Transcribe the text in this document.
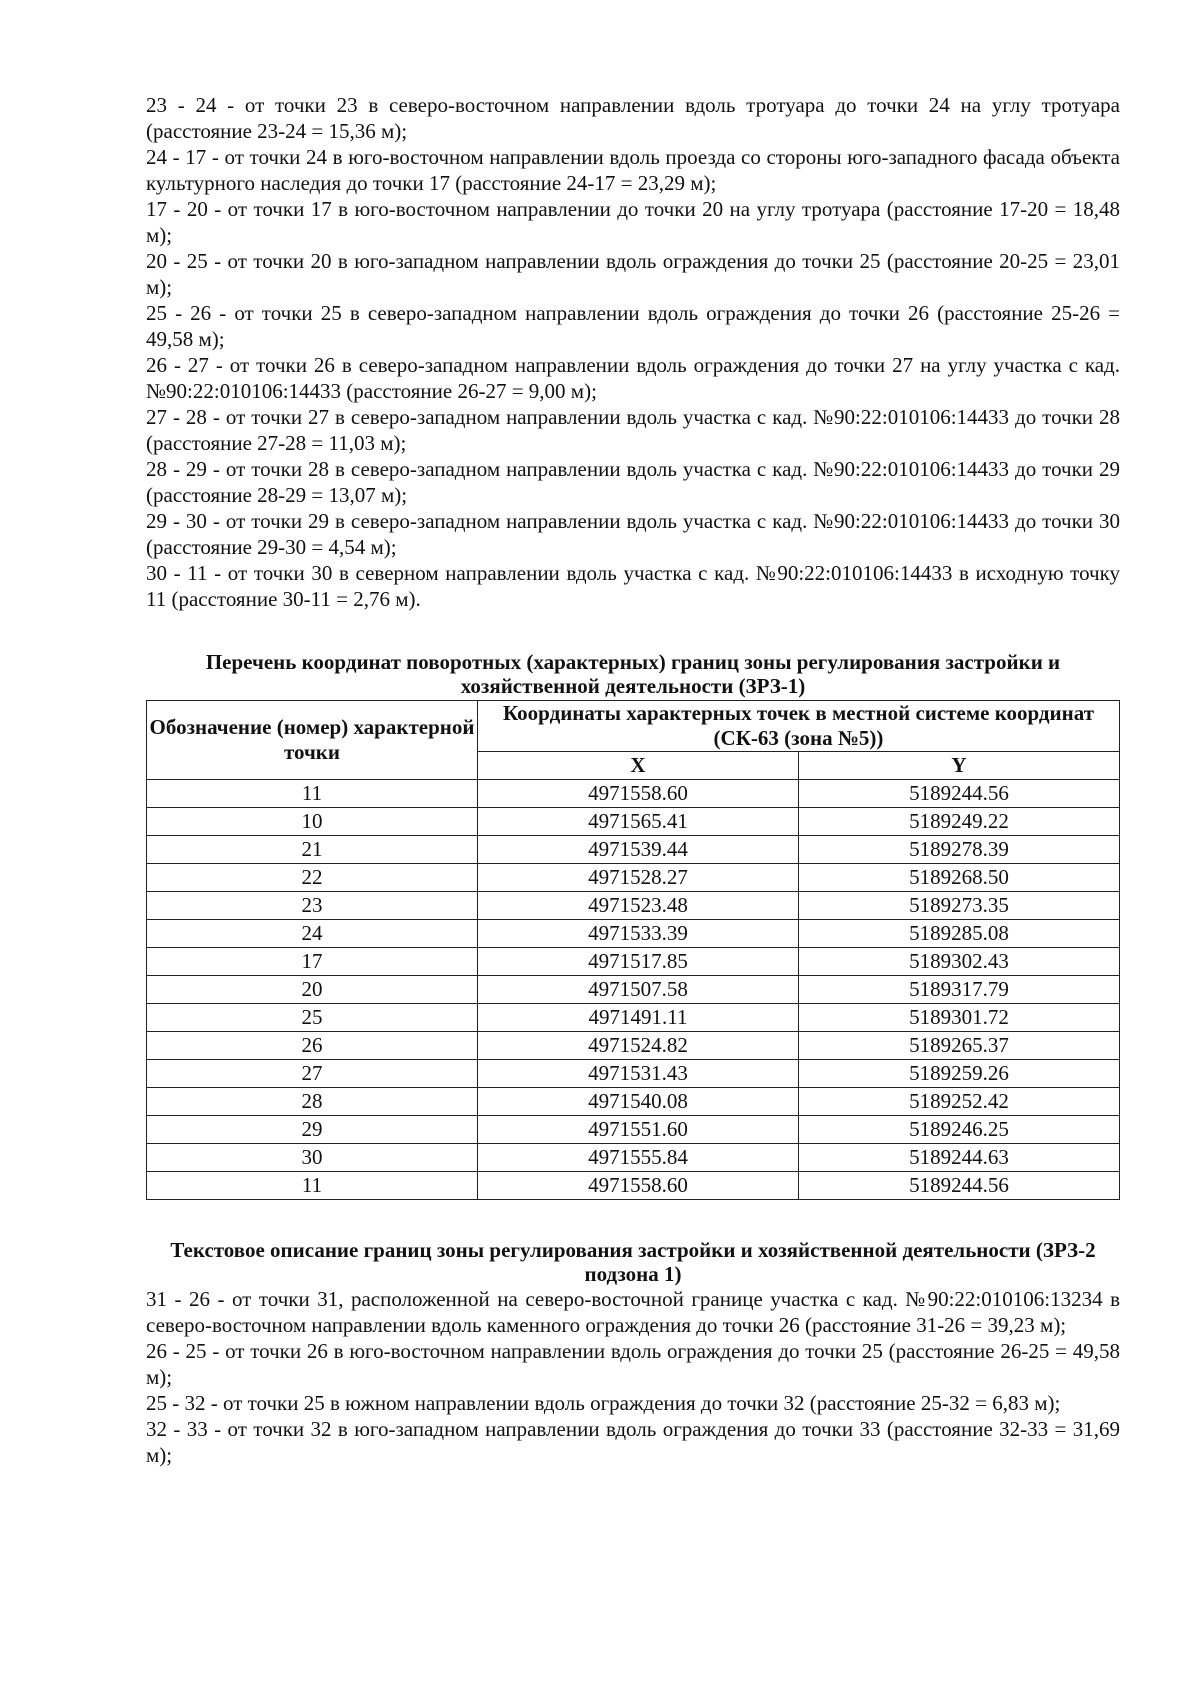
23 - 24 - от точки 23 в северо-восточном направлении вдоль тротуара до точки 24 на углу тротуара (расстояние 23-24 = 15,36 м);

24 - 17 - от точки 24 в юго-восточном направлении вдоль проезда со стороны юго-западного фасада объекта культурного наследия до точки 17 (расстояние 24-17 = 23,29 м);

17 - 20 - от точки 17 в юго-восточном направлении до точки 20 на углу тротуара (расстояние 17-20 = 18,48 м);

20 - 25 - от точки 20 в юго-западном направлении вдоль ограждения до точки 25 (расстояние 20-25 = 23,01 м);

25 - 26 - от точки 25 в северо-западном направлении вдоль ограждения до точки 26 (расстояние 25-26 = 49,58 м);

26 - 27 - от точки 26 в северо-западном направлении вдоль ограждения до точки 27 на углу участка с кад. №90:22:010106:14433 (расстояние 26-27 = 9,00 м);

27 - 28 - от точки 27 в северо-западном направлении вдоль участка с кад. №90:22:010106:14433 до точки 28 (расстояние 27-28 = 11,03 м);

28 - 29 - от точки 28 в северо-западном направлении вдоль участка с кад. №90:22:010106:14433 до точки 29 (расстояние 28-29 = 13,07 м);

29 - 30 - от точки 29 в северо-западном направлении вдоль участка с кад. №90:22:010106:14433 до точки 30 (расстояние 29-30 = 4,54 м);

30 - 11 - от точки 30 в северном направлении вдоль участка с кад. №90:22:010106:14433 в исходную точку 11 (расстояние 30-11 = 2,76 м).

Перечень координат поворотных (характерных) границ зоны регулирования застройки и хозяйственной деятельности (ЗРЗ-1)

Обозначение (номер) характерной точки	Координаты характерных точек в местной системе координат (СК-63 (зона №5))	
	X	Y
11	4971558.60	5189244.56
10	4971565.41	5189249.22
21	4971539.44	5189278.39
22	4971528.27	5189268.50
23	4971523.48	5189273.35
24	4971533.39	5189285.08
17	4971517.85	5189302.43
20	4971507.58	5189317.79
25	4971491.11	5189301.72
26	4971524.82	5189265.37
27	4971531.43	5189259.26
28	4971540.08	5189252.42
29	4971551.60	5189246.25
30	4971555.84	5189244.63
11	4971558.60	5189244.56

Текстовое описание границ зоны регулирования застройки и хозяйственной деятельности (ЗРЗ-2 подзона 1)

31 - 26 - от точки 31, расположенной на северо-восточной границе участка с кад. №90:22:010106:13234 в северо-восточном направлении вдоль каменного ограждения до точки 26 (расстояние 31-26 = 39,23 м);

26 - 25 - от точки 26 в юго-восточном направлении вдоль ограждения до точки 25 (расстояние 26-25 = 49,58 м);

25 - 32 - от точки 25 в южном направлении вдоль ограждения до точки 32 (расстояние 25-32 = 6,83 м);

32 - 33 - от точки 32 в юго-западном направлении вдоль ограждения до точки 33 (расстояние 32-33 = 31,69 м);
